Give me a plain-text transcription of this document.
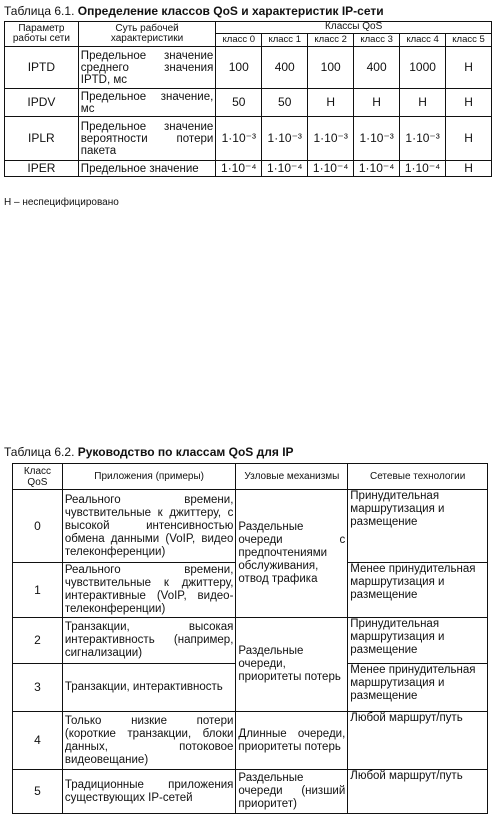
Таблица 6.1. Определение классов QoS и характеристик IP-сети
Параметр работы сети	Суть рабочей характеристики	Классы QoS					
		класс 0	класс 1	класс 2	класс 3	класс 4	класс 5
IPTD	Предельное значение среднего значения IPTD, мс	100	400	100	400	1000	Н
IPDV	Предельное значение, мс	50	50	Н	Н	Н	Н
IPLR	Предельное значение вероятности потери пакета	1·10⁻³	1·10⁻³	1·10⁻³	1·10⁻³	1·10⁻³	Н
IPER	Предельное значение	1·10⁻⁴	1·10⁻⁴	1·10⁻⁴	1·10⁻⁴	1·10⁻⁴	Н
Н – неспецифицировано
Таблица 6.2. Руководство по классам QoS для IP
Класс QoS	Приложения (примеры)	Узловые механизмы	Сетевые технологии
0	Реального времени, чувствительные к джиттеру, с высокой интенсивностью обмена данными (VoIP, видео телеконференции)	Раздельные очереди с предпочтениями обслуживания, отвод трафика	Принудительная маршрутизация и размещение
1	Реального времени, чувствительные к джиттеру, интерактивные (VoIP, видео-телеконференции)		Менее принудительная маршрутизация и размещение
2	Транзакции, высокая интерактивность (например, сигнализации)	Раздельные очереди, приоритеты потерь	Принудительная маршрутизация и размещение
3	Транзакции, интерактивность		Менее принудительная маршрутизация и размещение
4	Только низкие потери (короткие транзакции, блоки данных, потоковое видеовещание)	Длинные очереди, приоритеты потерь	Любой маршрут/путь
5	Традиционные приложения существующих IP-сетей	Раздельные очереди (низший приоритет)	Любой маршрут/путь
